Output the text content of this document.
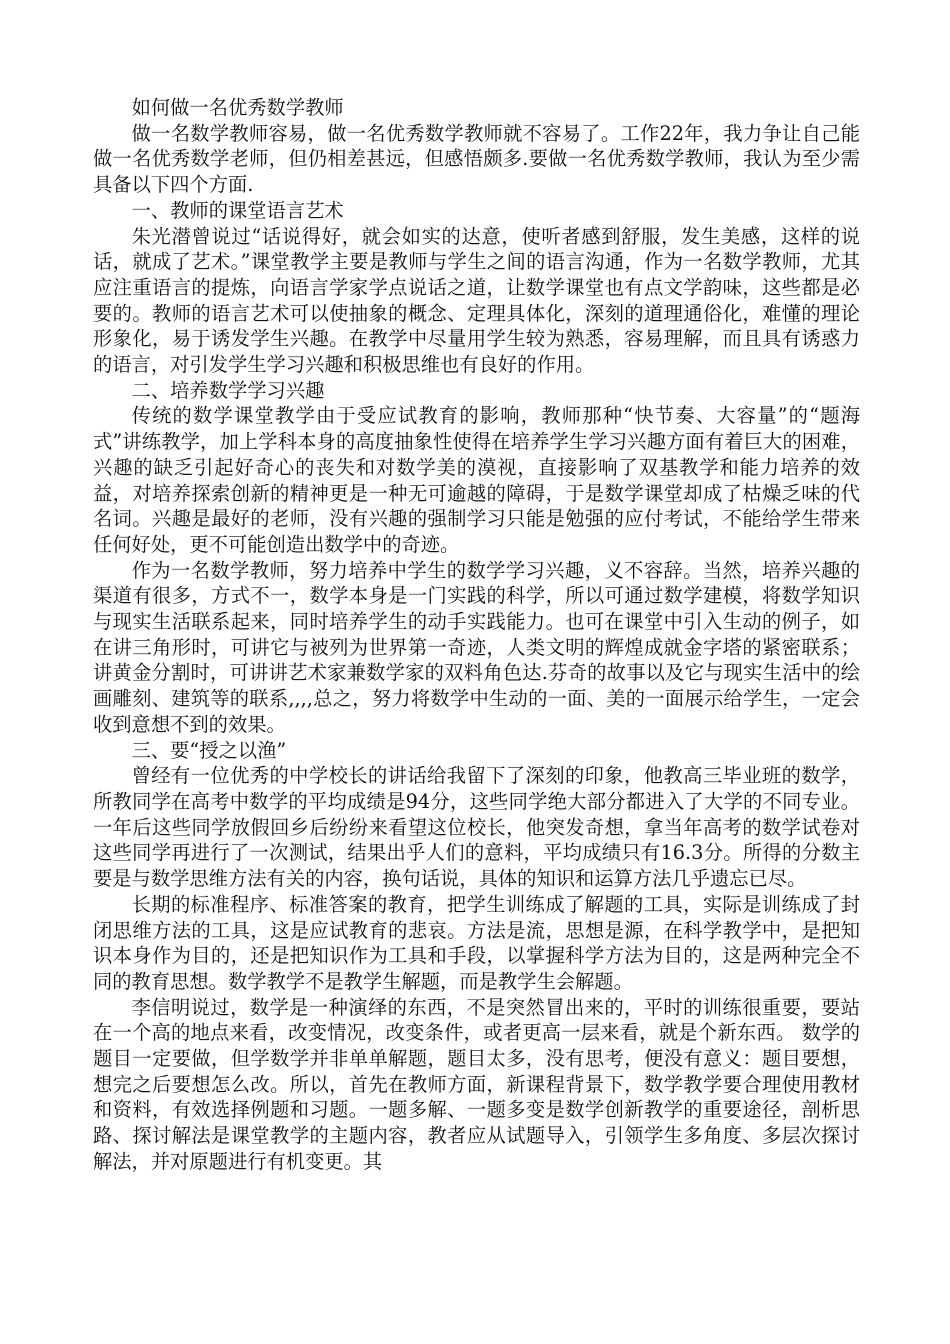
如何做一名优秀数学教师

做一名数学教师容易，做一名优秀数学教师就不容易了。工作22年，我力争让自己能做一名优秀数学老师，但仍相差甚远，但感悟颇多.要做一名优秀数学教师，我认为至少需具备以下四个方面.

一、教师的课堂语言艺术

朱光潜曾说过“话说得好，就会如实的达意，使听者感到舒服，发生美感，这样的说话，就成了艺术。”课堂教学主要是教师与学生之间的语言沟通，作为一名数学教师，尤其应注重语言的提炼，向语言学家学点说话之道，让数学课堂也有点文学韵味，这些都是必要的。教师的语言艺术可以使抽象的概念、定理具体化，深刻的道理通俗化，难懂的理论形象化，易于诱发学生兴趣。在教学中尽量用学生较为熟悉，容易理解，而且具有诱惑力的语言，对引发学生学习兴趣和积极思维也有良好的作用。

二、培养数学学习兴趣

传统的数学课堂教学由于受应试教育的影响，教师那种“快节奏、大容量”的“题海式”讲练教学，加上学科本身的高度抽象性使得在培养学生学习兴趣方面有着巨大的困难，兴趣的缺乏引起好奇心的丧失和对数学美的漠视，直接影响了双基教学和能力培养的效益，对培养探索创新的精神更是一种无可逾越的障碍，于是数学课堂却成了枯燥乏味的代名词。兴趣是最好的老师，没有兴趣的强制学习只能是勉强的应付考试，不能给学生带来任何好处，更不可能创造出数学中的奇迹。

作为一名数学教师，努力培养中学生的数学学习兴趣，义不容辞。当然，培养兴趣的渠道有很多，方式不一，数学本身是一门实践的科学，所以可通过数学建模，将数学知识与现实生活联系起来，同时培养学生的动手实践能力。也可在课堂中引入生动的例子，如在讲三角形时，可讲它与被列为世界第一奇迹，人类文明的辉煌成就金字塔的紧密联系；讲黄金分割时，可讲讲艺术家兼数学家的双料角色达.芬奇的故事以及它与现实生活中的绘画雕刻、建筑等的联系,,,,总之，努力将数学中生动的一面、美的一面展示给学生，一定会收到意想不到的效果。

三、要“授之以渔”

曾经有一位优秀的中学校长的讲话给我留下了深刻的印象，他教高三毕业班的数学，所教同学在高考中数学的平均成绩是94分，这些同学绝大部分都进入了大学的不同专业。一年后这些同学放假回乡后纷纷来看望这位校长，他突发奇想，拿当年高考的数学试卷对这些同学再进行了一次测试，结果出乎人们的意料，平均成绩只有16.3分。所得的分数主要是与数学思维方法有关的内容，换句话说，具体的知识和运算方法几乎遗忘已尽。

长期的标准程序、标准答案的教育，把学生训练成了解题的工具，实际是训练成了封闭思维方法的工具，这是应试教育的悲哀。方法是流，思想是源，在科学教学中，是把知识本身作为目的，还是把知识作为工具和手段，以掌握科学方法为目的，这是两种完全不同的教育思想。数学教学不是教学生解题，而是教学生会解题。

李信明说过，数学是一种演绎的东西，不是突然冒出来的，平时的训练很重要，要站在一个高的地点来看，改变情况，改变条件，或者更高一层来看，就是个新东西。 数学的题目一定要做，但学数学并非单单解题，题目太多，没有思考，便没有意义：题目要想，想完之后要想怎么改。所以，首先在教师方面，新课程背景下，数学教学要合理使用教材和资料，有效选择例题和习题。一题多解、一题多变是数学创新教学的重要途径，剖析思路、探讨解法是课堂教学的主题内容，教者应从试题导入，引领学生多角度、多层次探讨解法，并对原题进行有机变更。其
